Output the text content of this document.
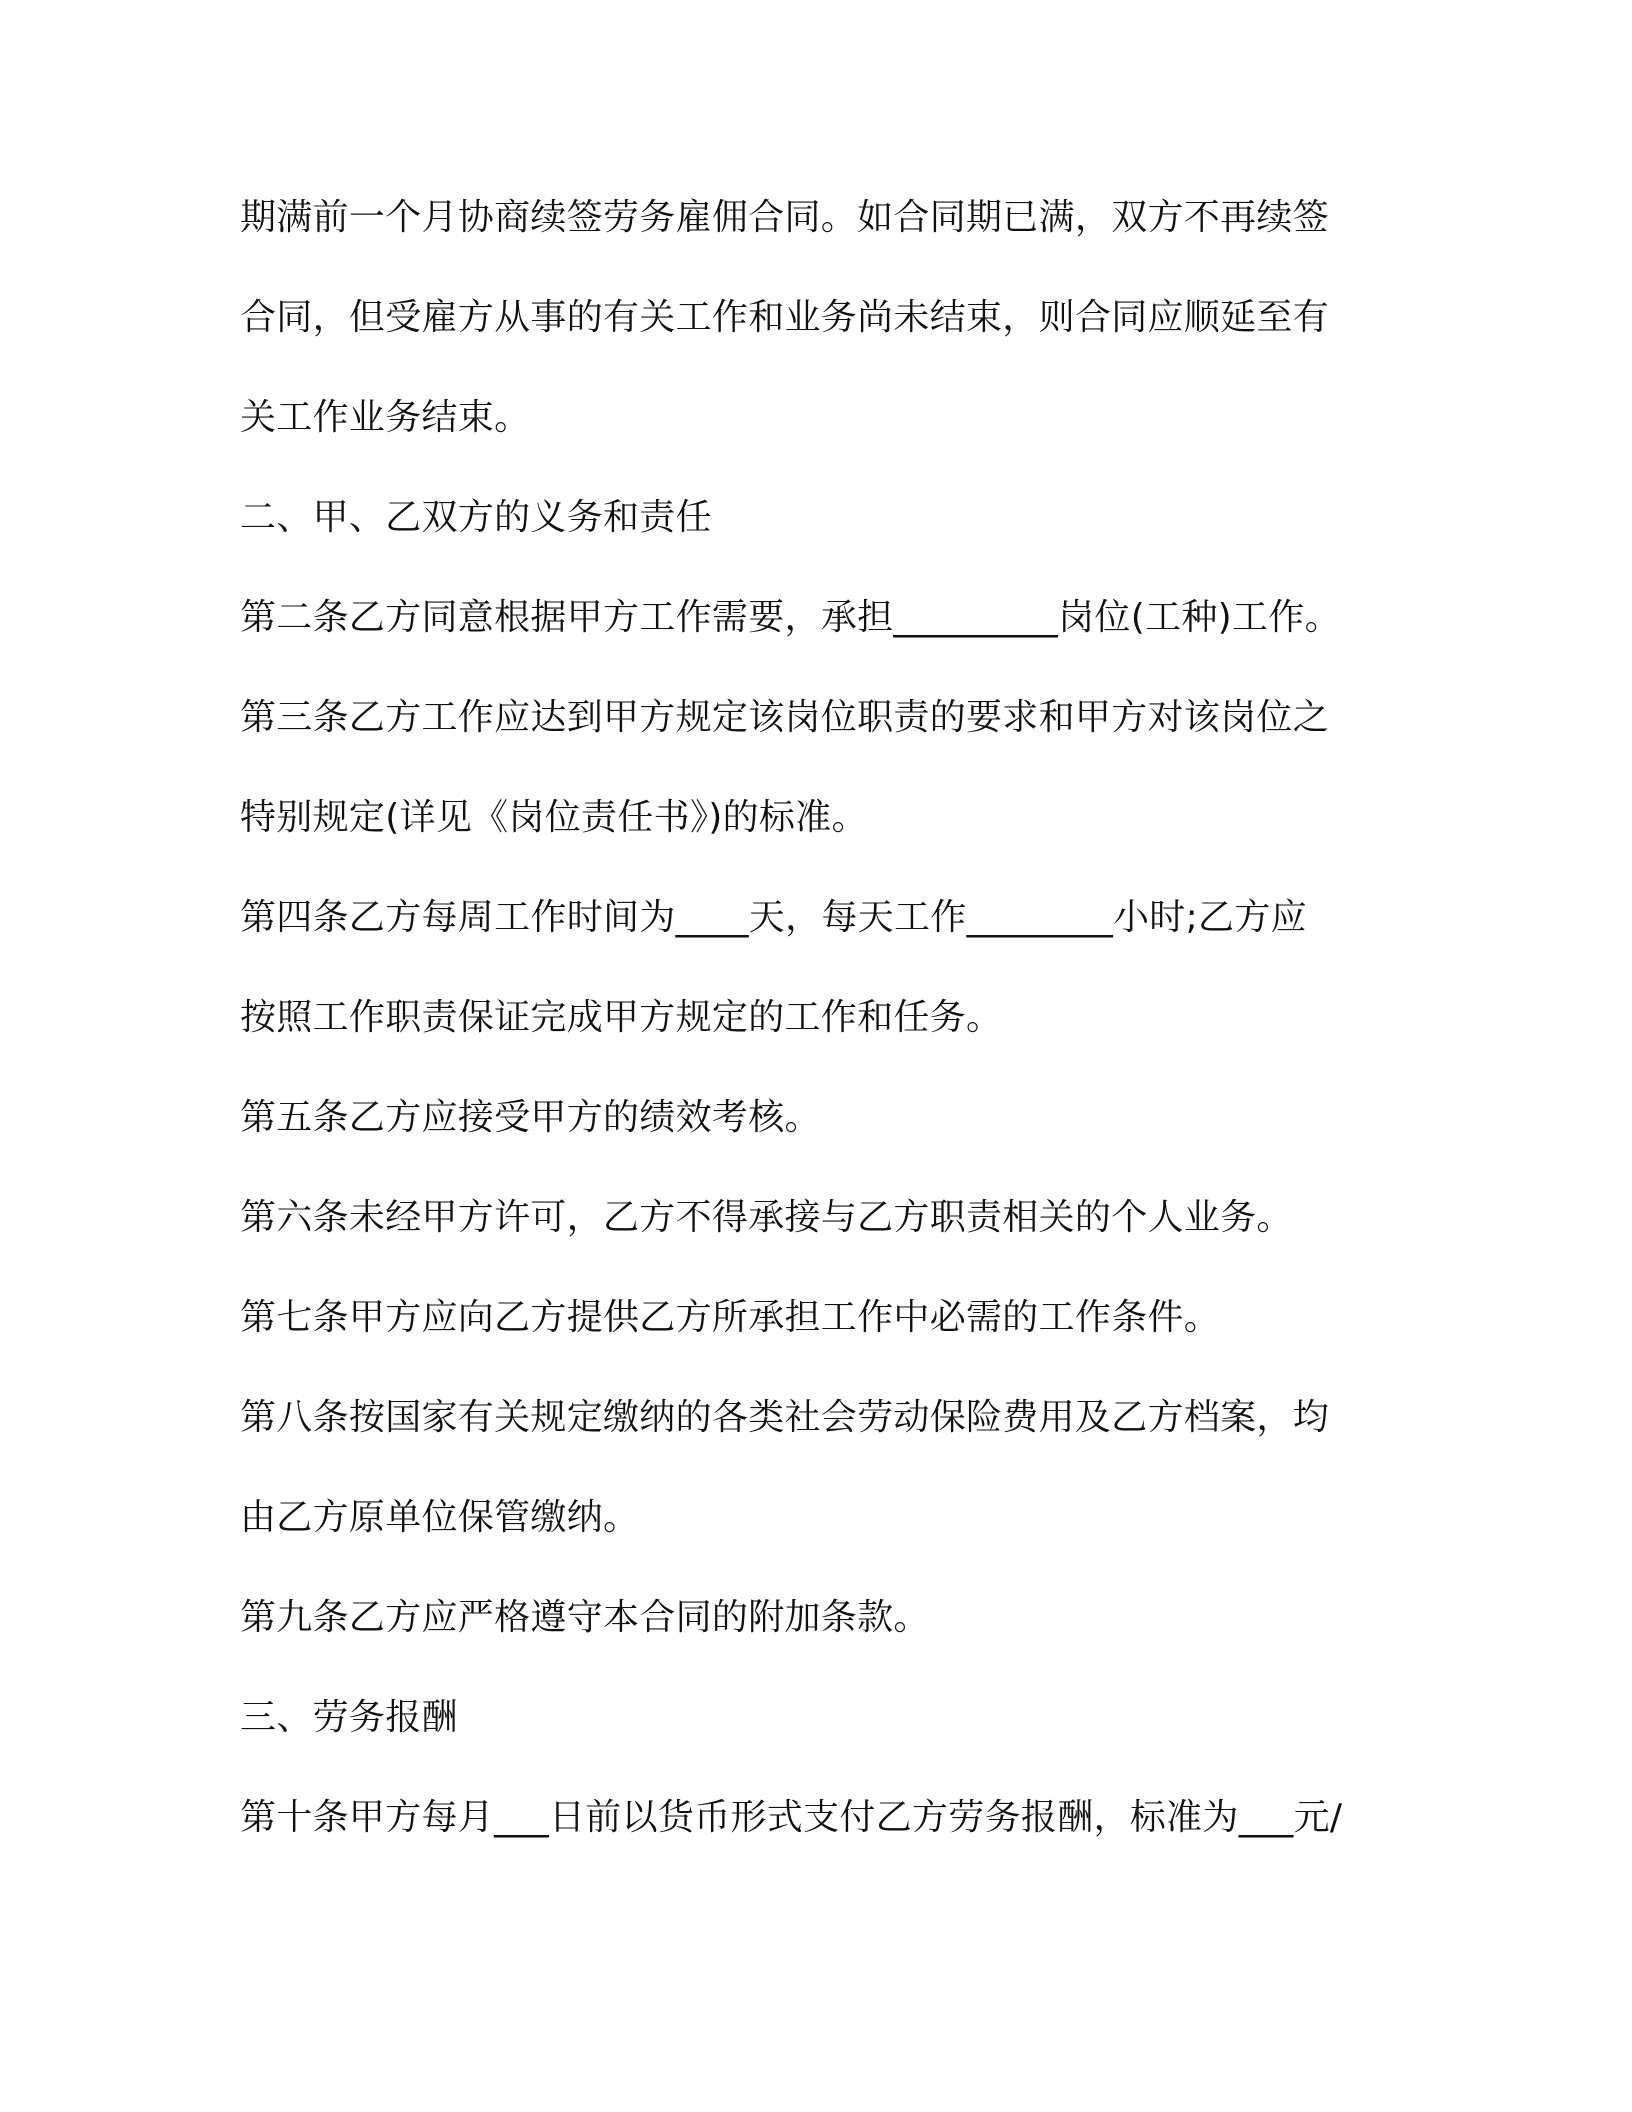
期满前一个月协商续签劳务雇佣合同。如合同期已满，双方不再续签

合同，但受雇方从事的有关工作和业务尚未结束，则合同应顺延至有

关工作业务结束。

二、甲、乙双方的义务和责任

第二条乙方同意根据甲方工作需要，承担_________岗位(工种)工作。

第三条乙方工作应达到甲方规定该岗位职责的要求和甲方对该岗位之

特别规定(详见《岗位责任书》)的标准。

第四条乙方每周工作时间为____天，每天工作________小时;乙方应

按照工作职责保证完成甲方规定的工作和任务。

第五条乙方应接受甲方的绩效考核。

第六条未经甲方许可，乙方不得承接与乙方职责相关的个人业务。

第七条甲方应向乙方提供乙方所承担工作中必需的工作条件。

第八条按国家有关规定缴纳的各类社会劳动保险费用及乙方档案，均

由乙方原单位保管缴纳。

第九条乙方应严格遵守本合同的附加条款。

三、劳务报酬

第十条甲方每月___日前以货币形式支付乙方劳务报酬，标准为___元/
